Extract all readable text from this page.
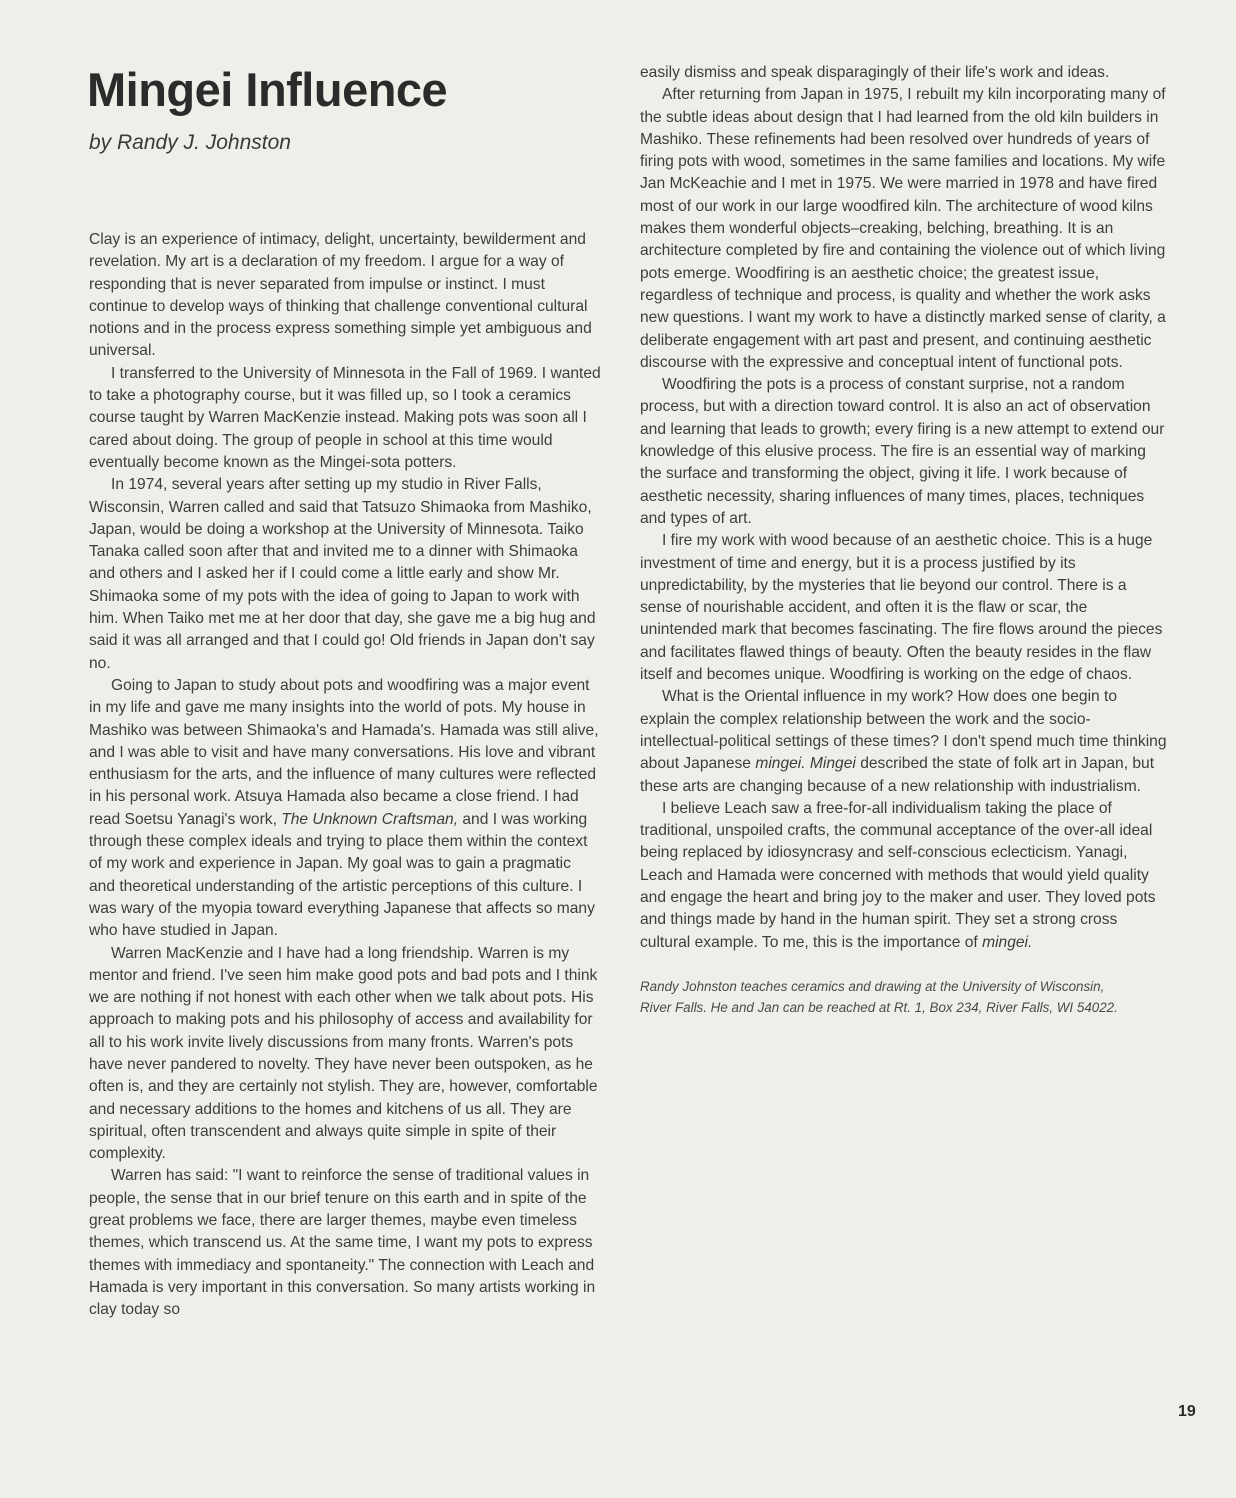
Mingei Influence

by Randy J. Johnston

Clay is an experience of intimacy, delight, uncertainty, bewilderment and revelation. My art is a declaration of my freedom. I argue for a way of responding that is never separated from impulse or instinct. I must continue to develop ways of thinking that challenge conventional cultural notions and in the process express something simple yet ambiguous and universal.

I transferred to the University of Minnesota in the Fall of 1969. I wanted to take a photography course, but it was filled up, so I took a ceramics course taught by Warren MacKenzie instead. Making pots was soon all I cared about doing. The group of people in school at this time would eventually become known as the Mingei-sota potters.

In 1974, several years after setting up my studio in River Falls, Wisconsin, Warren called and said that Tatsuzo Shimaoka from Mashiko, Japan, would be doing a workshop at the University of Minnesota. Taiko Tanaka called soon after that and invited me to a dinner with Shimaoka and others and I asked her if I could come a little early and show Mr. Shimaoka some of my pots with the idea of going to Japan to work with him. When Taiko met me at her door that day, she gave me a big hug and said it was all arranged and that I could go! Old friends in Japan don't say no.

Going to Japan to study about pots and woodfiring was a major event in my life and gave me many insights into the world of pots. My house in Mashiko was between Shimaoka's and Hamada's. Hamada was still alive, and I was able to visit and have many conversations. His love and vibrant enthusiasm for the arts, and the influence of many cultures were reflected in his personal work. Atsuya Hamada also became a close friend. I had read Soetsu Yanagi's work, The Unknown Craftsman, and I was working through these complex ideals and trying to place them within the context of my work and experience in Japan. My goal was to gain a pragmatic and theoretical understanding of the artistic perceptions of this culture. I was wary of the myopia toward everything Japanese that affects so many who have studied in Japan.

Warren MacKenzie and I have had a long friendship. Warren is my mentor and friend. I've seen him make good pots and bad pots and I think we are nothing if not honest with each other when we talk about pots. His approach to making pots and his philosophy of access and availability for all to his work invite lively discussions from many fronts. Warren's pots have never pandered to novelty. They have never been outspoken, as he often is, and they are certainly not stylish. They are, however, comfortable and necessary additions to the homes and kitchens of us all. They are spiritual, often transcendent and always quite simple in spite of their complexity.

Warren has said: "I want to reinforce the sense of traditional values in people, the sense that in our brief tenure on this earth and in spite of the great problems we face, there are larger themes, maybe even timeless themes, which transcend us. At the same time, I want my pots to express themes with immediacy and spontaneity." The connection with Leach and Hamada is very important in this conversation. So many artists working in clay today so

easily dismiss and speak disparagingly of their life's work and ideas.

After returning from Japan in 1975, I rebuilt my kiln incorporating many of the subtle ideas about design that I had learned from the old kiln builders in Mashiko. These refinements had been resolved over hundreds of years of firing pots with wood, sometimes in the same families and locations. My wife Jan McKeachie and I met in 1975. We were married in 1978 and have fired most of our work in our large woodfired kiln. The architecture of wood kilns makes them wonderful objects–creaking, belching, breathing. It is an architecture completed by fire and containing the violence out of which living pots emerge. Woodfiring is an aesthetic choice; the greatest issue, regardless of technique and process, is quality and whether the work asks new questions. I want my work to have a distinctly marked sense of clarity, a deliberate engagement with art past and present, and continuing aesthetic discourse with the expressive and conceptual intent of functional pots.

Woodfiring the pots is a process of constant surprise, not a random process, but with a direction toward control. It is also an act of observation and learning that leads to growth; every firing is a new attempt to extend our knowledge of this elusive process. The fire is an essential way of marking the surface and transforming the object, giving it life. I work because of aesthetic necessity, sharing influences of many times, places, techniques and types of art.

I fire my work with wood because of an aesthetic choice. This is a huge investment of time and energy, but it is a process justified by its unpredictability, by the mysteries that lie beyond our control. There is a sense of nourishable accident, and often it is the flaw or scar, the unintended mark that becomes fascinating. The fire flows around the pieces and facilitates flawed things of beauty. Often the beauty resides in the flaw itself and becomes unique. Woodfiring is working on the edge of chaos.

What is the Oriental influence in my work? How does one begin to explain the complex relationship between the work and the socio-intellectual-political settings of these times? I don't spend much time thinking about Japanese mingei. Mingei described the state of folk art in Japan, but these arts are changing because of a new relationship with industrialism.

I believe Leach saw a free-for-all individualism taking the place of traditional, unspoiled crafts, the communal acceptance of the over-all ideal being replaced by idiosyncrasy and self-conscious eclecticism. Yanagi, Leach and Hamada were concerned with methods that would yield quality and engage the heart and bring joy to the maker and user. They loved pots and things made by hand in the human spirit. They set a strong cross cultural example. To me, this is the importance of mingei.

Randy Johnston teaches ceramics and drawing at the University of Wisconsin, River Falls. He and Jan can be reached at Rt. 1, Box 234, River Falls, WI 54022.
19
